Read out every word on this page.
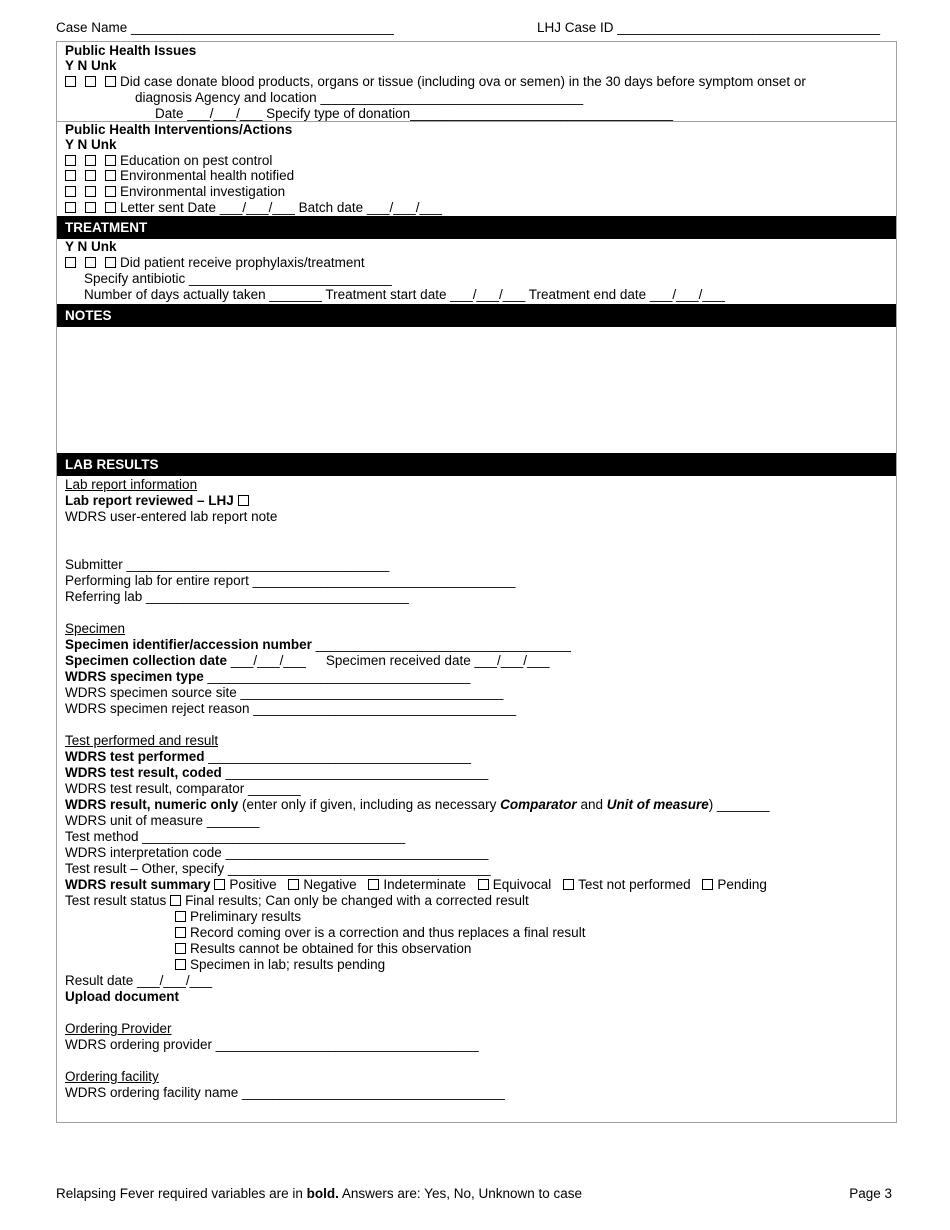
Case Name ___________________________________	LHJ Case ID ___________________________________
Public Health Issues
Y N Unk
Did case donate blood products, organs or tissue (including ova or semen) in the 30 days before symptom onset or
diagnosis Agency and location ___________________________________
Date ___/___/___ Specify type of donation___________________________________
Public Health Interventions/Actions
Y N Unk
Education on pest control
Environmental health notified
Environmental investigation
Letter sent Date ___/___/___ Batch date ___/___/___
TREATMENT
Y N Unk
Did patient receive prophylaxis/treatment
Specify antibiotic ___________________________
Number of days actually taken _______ Treatment start date ___/___/___ Treatment end date ___/___/___
NOTES
LAB RESULTS
Lab report information
Lab report reviewed – LHJ
WDRS user-entered lab report note
Submitter ___________________________________
Performing lab for entire report ___________________________________
Referring lab ___________________________________
Specimen
Specimen identifier/accession number __________________________________
Specimen collection date ___/___/___ Specimen received date ___/___/___
WDRS specimen type ___________________________________
WDRS specimen source site ___________________________________
WDRS specimen reject reason ___________________________________
Test performed and result
WDRS test performed ___________________________________
WDRS test result, coded ___________________________________
WDRS test result, comparator _______
WDRS result, numeric only (enter only if given, including as necessary Comparator and Unit of measure) _______
WDRS unit of measure _______
Test method ___________________________________
WDRS interpretation code ___________________________________
Test result – Other, specify ___________________________________
WDRS result summary Positive Negative Indeterminate Equivocal Test not performed Pending
Test result status Final results; Can only be changed with a corrected result
Preliminary results
Record coming over is a correction and thus replaces a final result
Results cannot be obtained for this observation
Specimen in lab; results pending
Result date ___/___/___
Upload document
Ordering Provider
WDRS ordering provider ___________________________________
Ordering facility
WDRS ordering facility name ___________________________________
Relapsing Fever required variables are in bold. Answers are: Yes, No, Unknown to case	Page 3
